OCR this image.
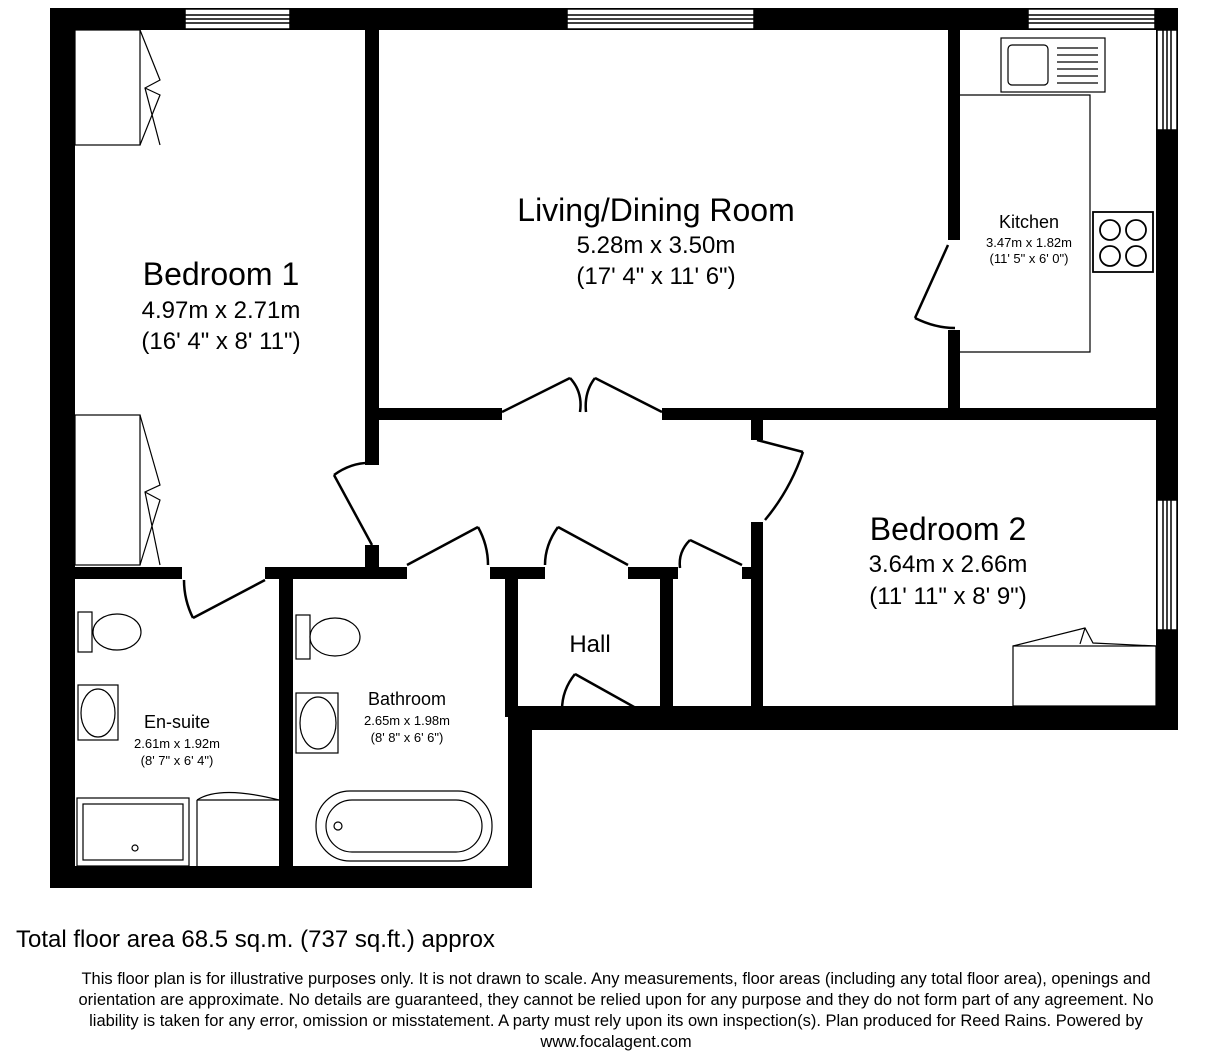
Bedroom 1
4.97m x 2.71m
(16' 4" x 8' 11")
Living/Dining Room
5.28m x 3.50m
(17' 4" x 11' 6")
Kitchen
3.47m x 1.82m
(11' 5" x 6' 0")
Bedroom 2
3.64m x 2.66m
(11' 11" x 8' 9")
En-suite
2.61m x 1.92m
(8' 7" x 6' 4")
Bathroom
2.65m x 1.98m
(8' 8" x 6' 6")
Hall
Total floor area 68.5 sq.m. (737 sq.ft.) approx
This floor plan is for illustrative purposes only. It is not drawn to scale. Any measurements, floor areas (including any total floor area), openings and
orientation are approximate. No details are guaranteed, they cannot be relied upon for any purpose and they do not form part of any agreement. No
liability is taken for any error, omission or misstatement. A party must rely upon its own inspection(s). Plan produced for Reed Rains. Powered by
www.focalagent.com
